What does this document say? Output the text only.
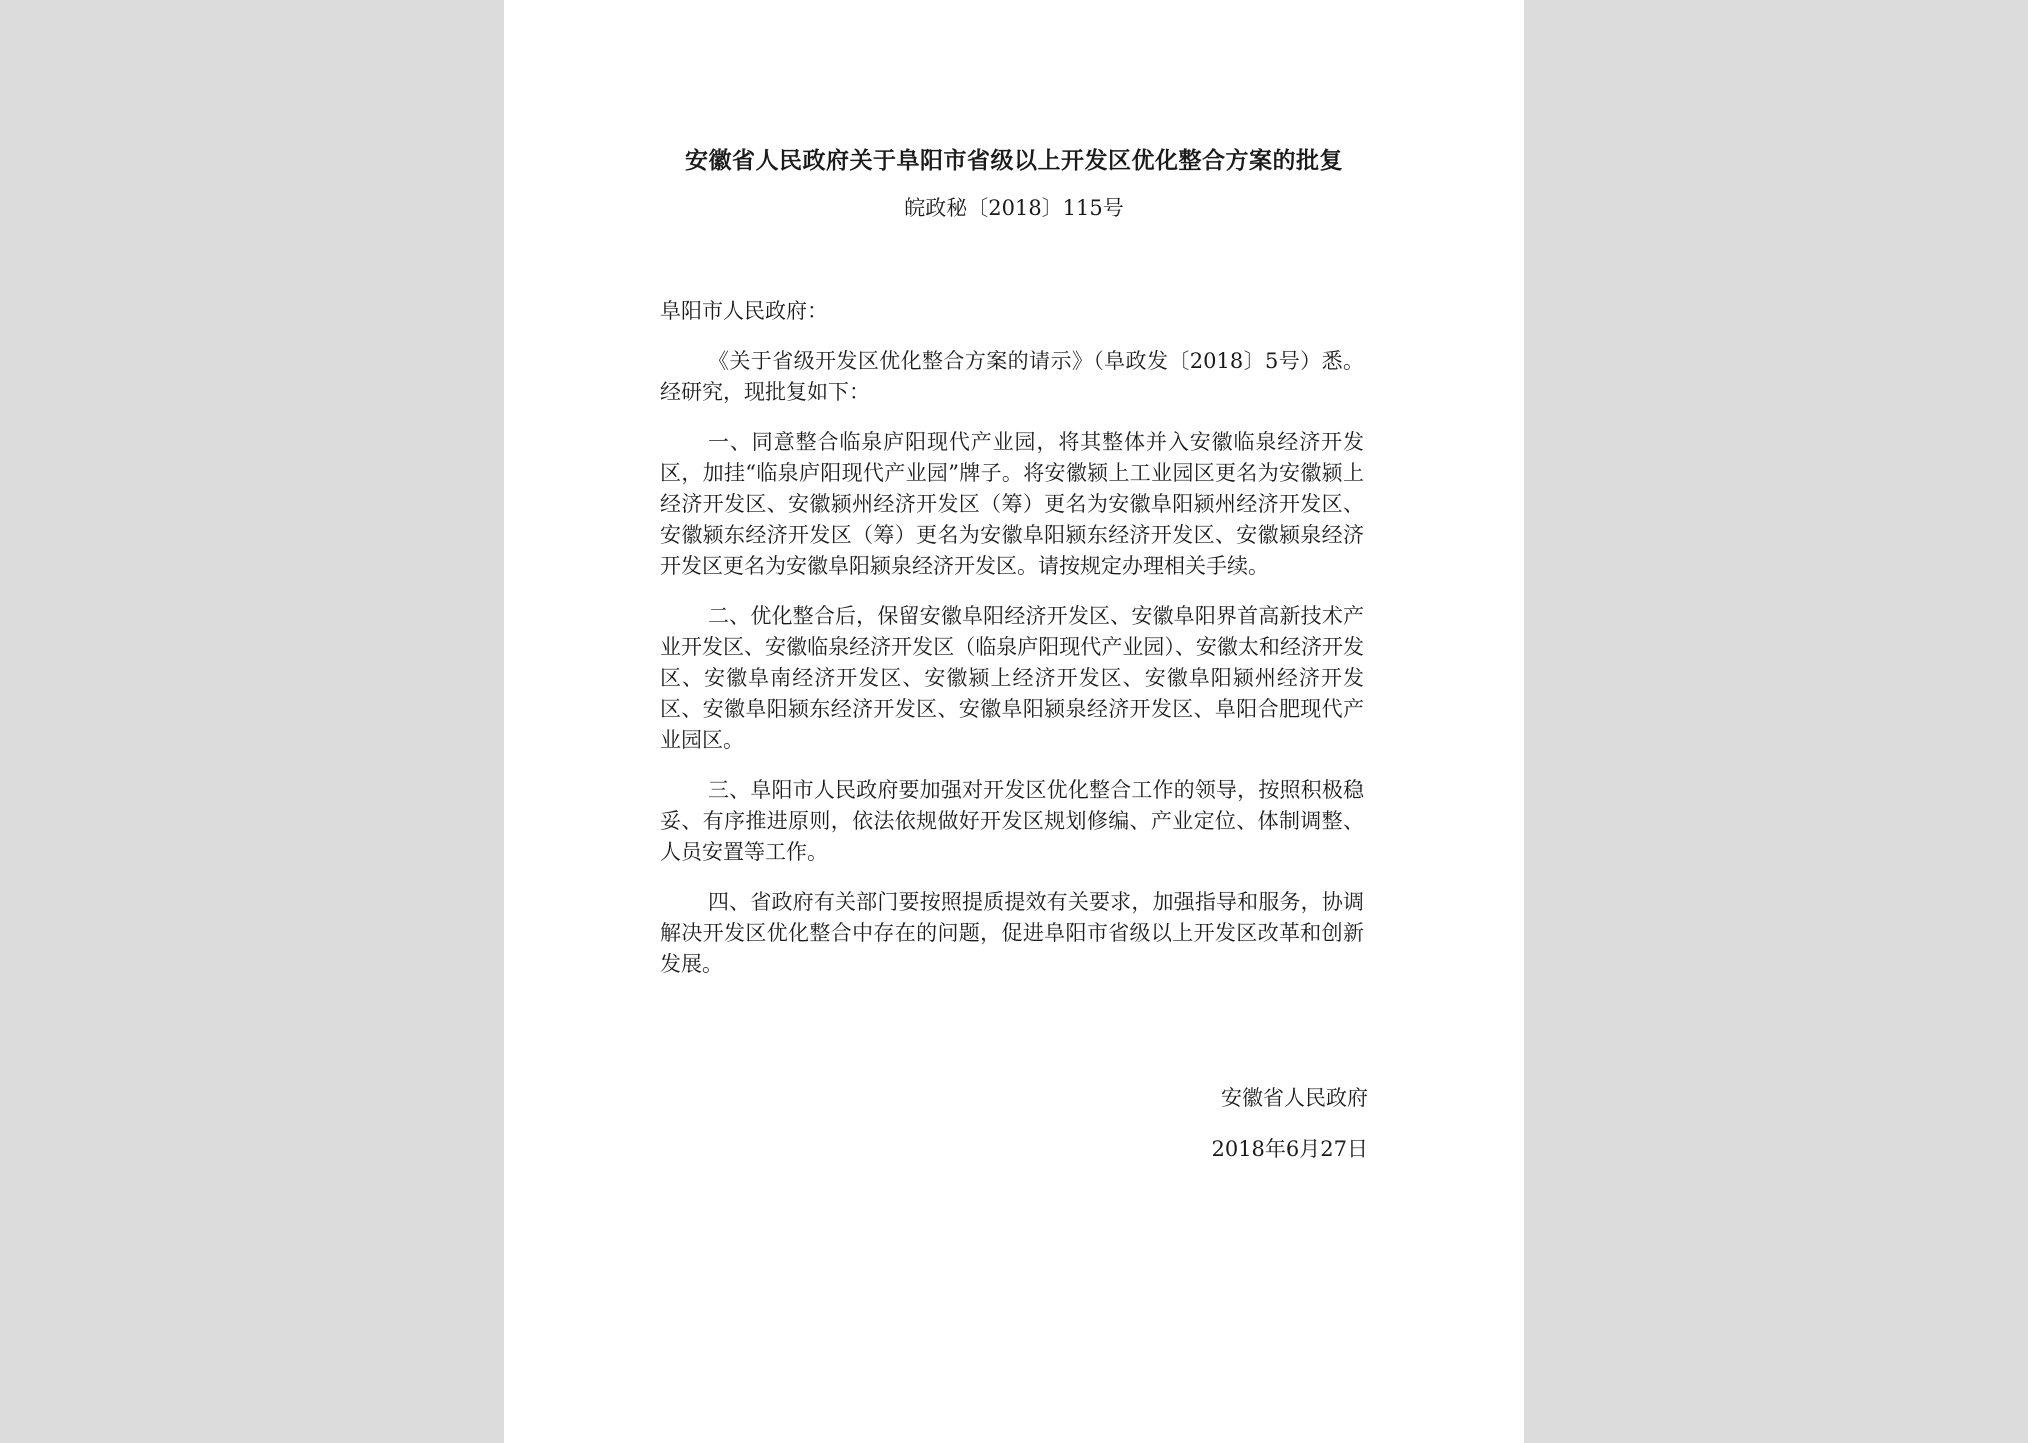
安徽省人民政府关于阜阳市省级以上开发区优化整合方案的批复
皖政秘〔2018〕115号

阜阳市人民政府：

《关于省级开发区优化整合方案的请示》（阜政发〔2018〕5号）悉。经研究，现批复如下：

一、同意整合临泉庐阳现代产业园，将其整体并入安徽临泉经济开发区，加挂“临泉庐阳现代产业园”牌子。将安徽颍上工业园区更名为安徽颍上经济开发区、安徽颍州经济开发区（筹）更名为安徽阜阳颍州经济开发区、安徽颍东经济开发区（筹）更名为安徽阜阳颍东经济开发区、安徽颍泉经济开发区更名为安徽阜阳颍泉经济开发区。请按规定办理相关手续。

二、优化整合后，保留安徽阜阳经济开发区、安徽阜阳界首高新技术产业开发区、安徽临泉经济开发区（临泉庐阳现代产业园）、安徽太和经济开发区、安徽阜南经济开发区、安徽颍上经济开发区、安徽阜阳颍州经济开发区、安徽阜阳颍东经济开发区、安徽阜阳颍泉经济开发区、阜阳合肥现代产业园区。

三、阜阳市人民政府要加强对开发区优化整合工作的领导，按照积极稳妥、有序推进原则，依法依规做好开发区规划修编、产业定位、体制调整、人员安置等工作。

四、省政府有关部门要按照提质提效有关要求，加强指导和服务，协调解决开发区优化整合中存在的问题，促进阜阳市省级以上开发区改革和创新发展。

安徽省人民政府
2018年6月27日
